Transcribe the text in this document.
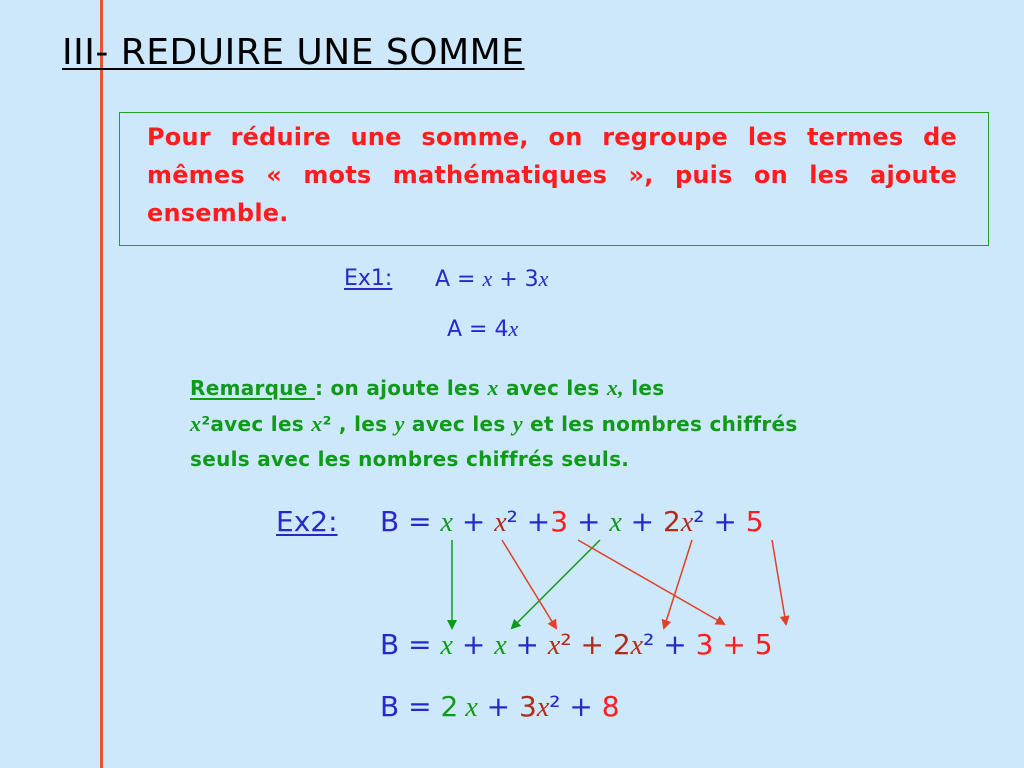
III- REDUIRE UNE SOMME

Pour réduire une somme, on regroupe les termes de mêmes « mots mathématiques », puis on les ajoute ensemble.

Ex1: A = x + 3x
A = 4x

Remarque : on ajoute les x avec les x, les
x²avec les x² , les y avec les y et les nombres chiffrés seuls avec les nombres chiffrés seuls.

Ex2: B = x + x² +3 + x + 2x² + 5
B = x + x + x² + 2x² + 3 + 5
B = 2 x + 3x² + 8
